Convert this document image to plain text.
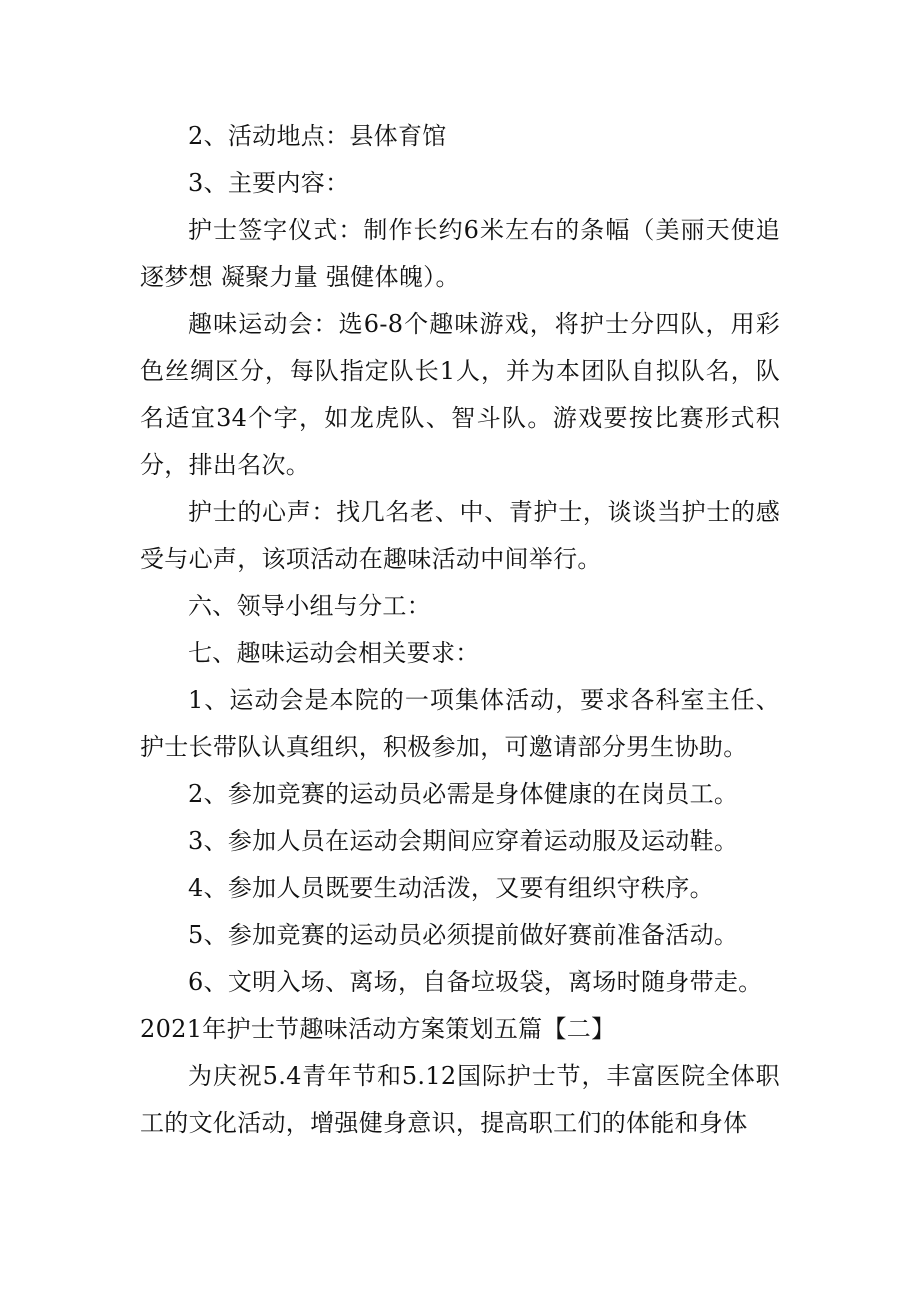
2、活动地点：县体育馆

3、主要内容：

护士签字仪式：制作长约6米左右的条幅（美丽天使追逐梦想 凝聚力量 强健体魄）。

趣味运动会：选6-8个趣味游戏，将护士分四队，用彩色丝绸区分，每队指定队长1人，并为本团队自拟队名，队名适宜34个字，如龙虎队、智斗队。游戏要按比赛形式积分，排出名次。

护士的心声：找几名老、中、青护士，谈谈当护士的感受与心声，该项活动在趣味活动中间举行。

六、领导小组与分工：

七、趣味运动会相关要求：

1、运动会是本院的一项集体活动，要求各科室主任、护士长带队认真组织，积极参加，可邀请部分男生协助。

2、参加竞赛的运动员必需是身体健康的在岗员工。

3、参加人员在运动会期间应穿着运动服及运动鞋。

4、参加人员既要生动活泼，又要有组织守秩序。

5、参加竞赛的运动员必须提前做好赛前准备活动。

6、文明入场、离场，自备垃圾袋，离场时随身带走。

2021年护士节趣味活动方案策划五篇【二】

为庆祝5.4青年节和5.12国际护士节，丰富医院全体职工的文化活动，增强健身意识，提高职工们的体能和身体
